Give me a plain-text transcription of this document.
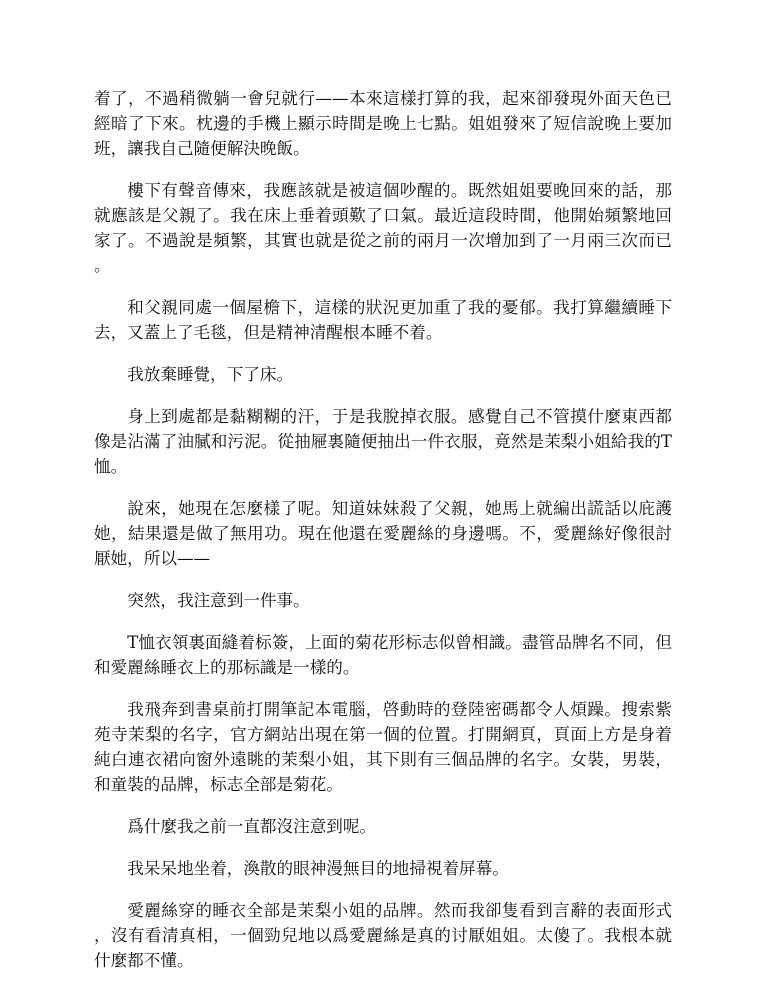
着了，不過稍微躺一會兒就行——本來這樣打算的我，起來卻發現外面天色已經暗了下來。枕邊的手機上顯示時間是晚上七點。姐姐發來了短信說晚上要加班，讓我自己隨便解決晚飯。

樓下有聲音傳來，我應該就是被這個吵醒的。既然姐姐要晚回來的話，那就應該是父親了。我在床上垂着頭歎了口氣。最近這段時間，他開始頻繁地回家了。不過說是頻繁，其實也就是從之前的兩月一次增加到了一月兩三次而已。

和父親同處一個屋檐下，這樣的狀況更加重了我的憂郁。我打算繼續睡下去，又蓋上了毛毯，但是精神清醒根本睡不着。

我放棄睡覺，下了床。

身上到處都是黏糊糊的汗，于是我脫掉衣服。感覺自己不管摸什麼東西都像是沾滿了油膩和污泥。從抽屜裏隨便抽出一件衣服，竟然是茉梨小姐給我的T恤。

說來，她現在怎麼樣了呢。知道妹妹殺了父親，她馬上就編出謊話以庇護她，結果還是做了無用功。現在他還在愛麗絲的身邊嗎。不，愛麗絲好像很討厭她，所以——

突然，我注意到一件事。

T恤衣領裏面縫着标簽，上面的菊花形标志似曾相識。盡管品牌名不同，但和愛麗絲睡衣上的那标識是一樣的。

我飛奔到書桌前打開筆記本電腦，啓動時的登陸密碼都令人煩躁。搜索紫苑寺茉梨的名字，官方網站出現在第一個的位置。打開網頁，頁面上方是身着純白連衣裙向窗外遠眺的茉梨小姐，其下則有三個品牌的名字。女裝，男裝，和童裝的品牌，标志全部是菊花。

爲什麼我之前一直都沒注意到呢。

我呆呆地坐着，渙散的眼神漫無目的地掃視着屏幕。

愛麗絲穿的睡衣全部是茉梨小姐的品牌。然而我卻隻看到言辭的表面形式，沒有看清真相，一個勁兒地以爲愛麗絲是真的讨厭姐姐。太傻了。我根本就什麼都不懂。
